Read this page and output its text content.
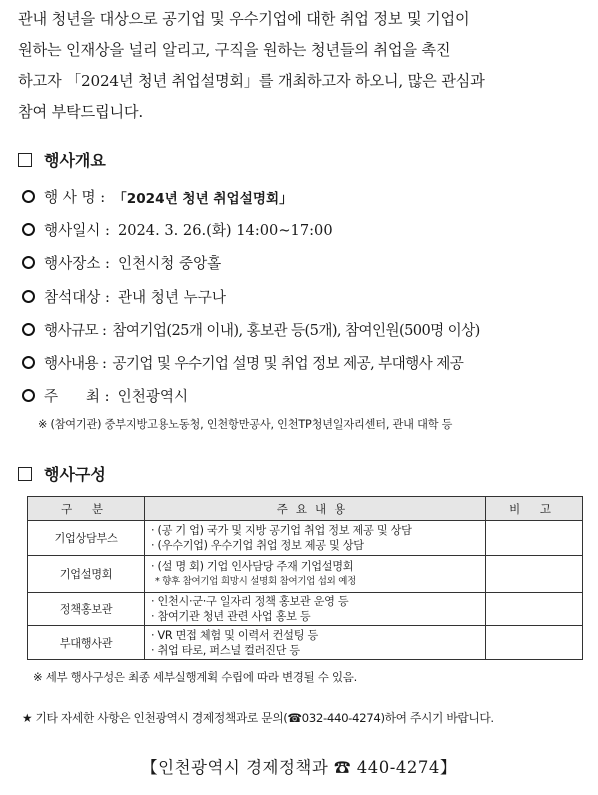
관내 청년을 대상으로 공기업 및 우수기업에 대한 취업 정보 및 기업이
원하는 인재상을 널리 알리고, 구직을 원하는 청년들의 취업을 촉진
하고자 「2024년 청년 취업설명회」를 개최하고자 하오니, 많은 관심과
참여 부탁드립니다.
행사개요
행 사 명 : 「2024년 청년 취업설명회」
행사일시 : 2024. 3. 26.(화) 14:00~17:00
행사장소 : 인천시청 중앙홀
참석대상 : 관내 청년 누구나
행사규모 : 참여기업(25개 이내), 홍보관 등(5개), 참여인원(500명 이상)
행사내용 : 공기업 및 우수기업 설명 및 취업 정보 제공, 부대행사 제공
주      최 : 인천광역시
※ (참여기관) 중부지방고용노동청, 인천항만공사, 인천TP청년일자리센터, 관내 대학 등
행사구성
구 분	주요내용	비 고
기업상담부스	· (공 기 업) 국가 및 지방 공기업 취업 정보 제공 및 상담
· (우수기업) 우수기업 취업 정보 제공 및 상담	

기업설명회	· (설 명 회) 기업 인사담당 주재 기업설명회
* 향후 참여기업 희망시 설명회 참여기업 섭외 예정	

정책홍보관	· 인천시·군·구 일자리 정책 홍보관 운영 등
· 참여기관 청년 관련 사업 홍보 등	

부대행사관	· VR 면접 체험 및 이력서 컨설팅 등
· 취업 타로, 퍼스널 컬러진단 등	

※ 세부 행사구성은 최종 세부실행계획 수립에 따라 변경될 수 있음.
★ 기타 자세한 사항은 인천광역시 경제정책과로 문의(☎032-440-4274)하여 주시기 바랍니다.
【인천광역시 경제정책과 ☎ 440-4274】
